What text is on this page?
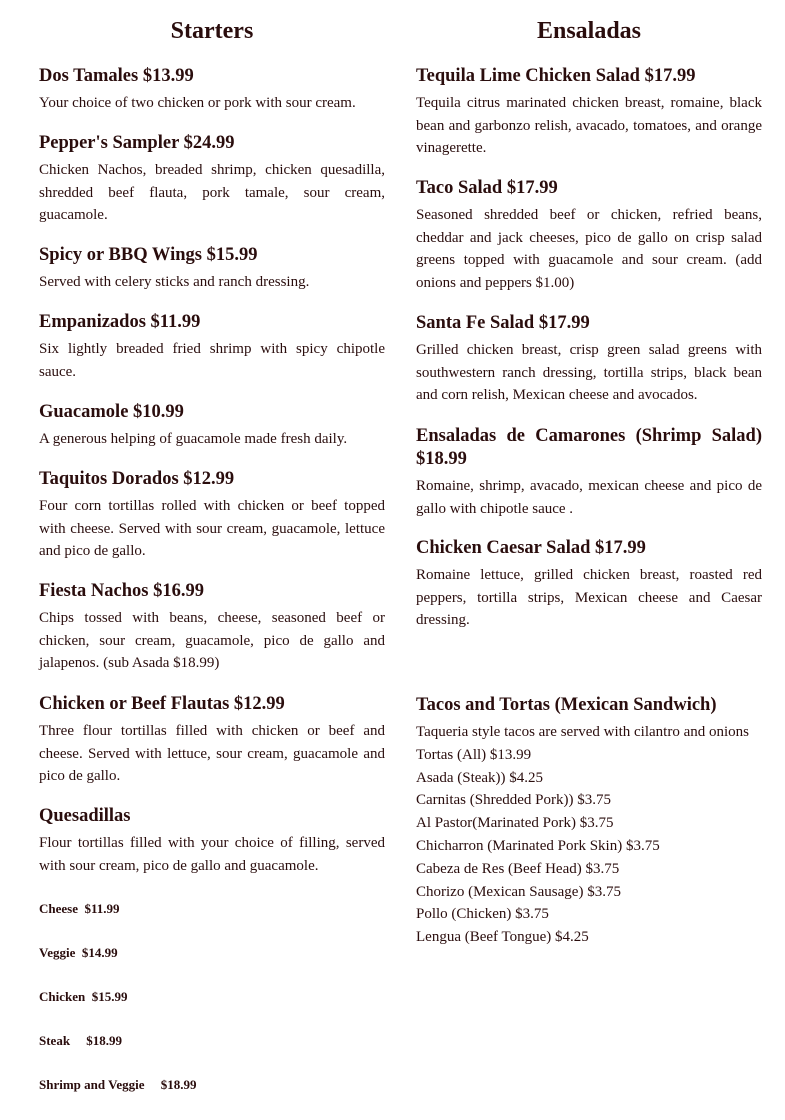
Starters
Dos Tamales $13.99

Your choice of two chicken or pork with sour cream.

Pepper's Sampler $24.99

Chicken Nachos, breaded shrimp, chicken quesadilla, shredded beef flauta, pork tamale, sour cream, guacamole.

Spicy or BBQ Wings $15.99

Served with celery sticks and ranch dressing.

Empanizados $11.99

Six lightly breaded fried shrimp with spicy chipotle sauce.

Guacamole $10.99

A generous helping of guacamole made fresh daily.

Taquitos Dorados $12.99

Four corn tortillas rolled with chicken or beef topped with cheese. Served with sour cream, guacamole, lettuce and pico de gallo.

Fiesta Nachos $16.99

Chips tossed with beans, cheese, seasoned beef or chicken, sour cream, guacamole, pico de gallo and jalapenos. (sub Asada $18.99)

Chicken or Beef Flautas $12.99

Three flour tortillas filled with chicken or beef and cheese. Served with lettuce, sour cream, guacamole and pico de gallo.

Quesadillas

Flour tortillas filled with your choice of filling, served with sour cream, pico de gallo and guacamole.

Cheese  $11.99
Veggie  $14.99
Chicken  $15.99
Steak     $18.99
Shrimp and Veggie     $18.99
Ensaladas
Tequila Lime Chicken Salad $17.99

Tequila citrus marinated chicken breast, romaine, black bean and garbonzo relish, avacado, tomatoes, and orange vinagerette.

Taco Salad $17.99

Seasoned shredded beef or chicken, refried beans, cheddar and jack cheeses, pico de gallo on crisp salad greens topped with guacamole and sour cream. (add onions and peppers $1.00)

Santa Fe Salad $17.99

Grilled chicken breast, crisp green salad greens with southwestern ranch dressing, tortilla strips, black bean and corn relish, Mexican cheese and avocados.

Ensaladas de Camarones (Shrimp Salad) $18.99

Romaine, shrimp, avacado, mexican cheese and pico de gallo with chipotle sauce .

Chicken Caesar Salad $17.99

Romaine lettuce, grilled chicken breast, roasted red peppers, tortilla strips, Mexican cheese and Caesar dressing.

Tacos and Tortas (Mexican Sandwich)

Taqueria style tacos are served with cilantro and onions

Tortas (All) $13.99
Asada (Steak)) $4.25
Carnitas (Shredded Pork)) $3.75
Al Pastor(Marinated Pork) $3.75
Chicharron (Marinated Pork Skin) $3.75
Cabeza de Res (Beef Head) $3.75
Chorizo (Mexican Sausage) $3.75
Pollo (Chicken) $3.75
Lengua (Beef Tongue) $4.25
